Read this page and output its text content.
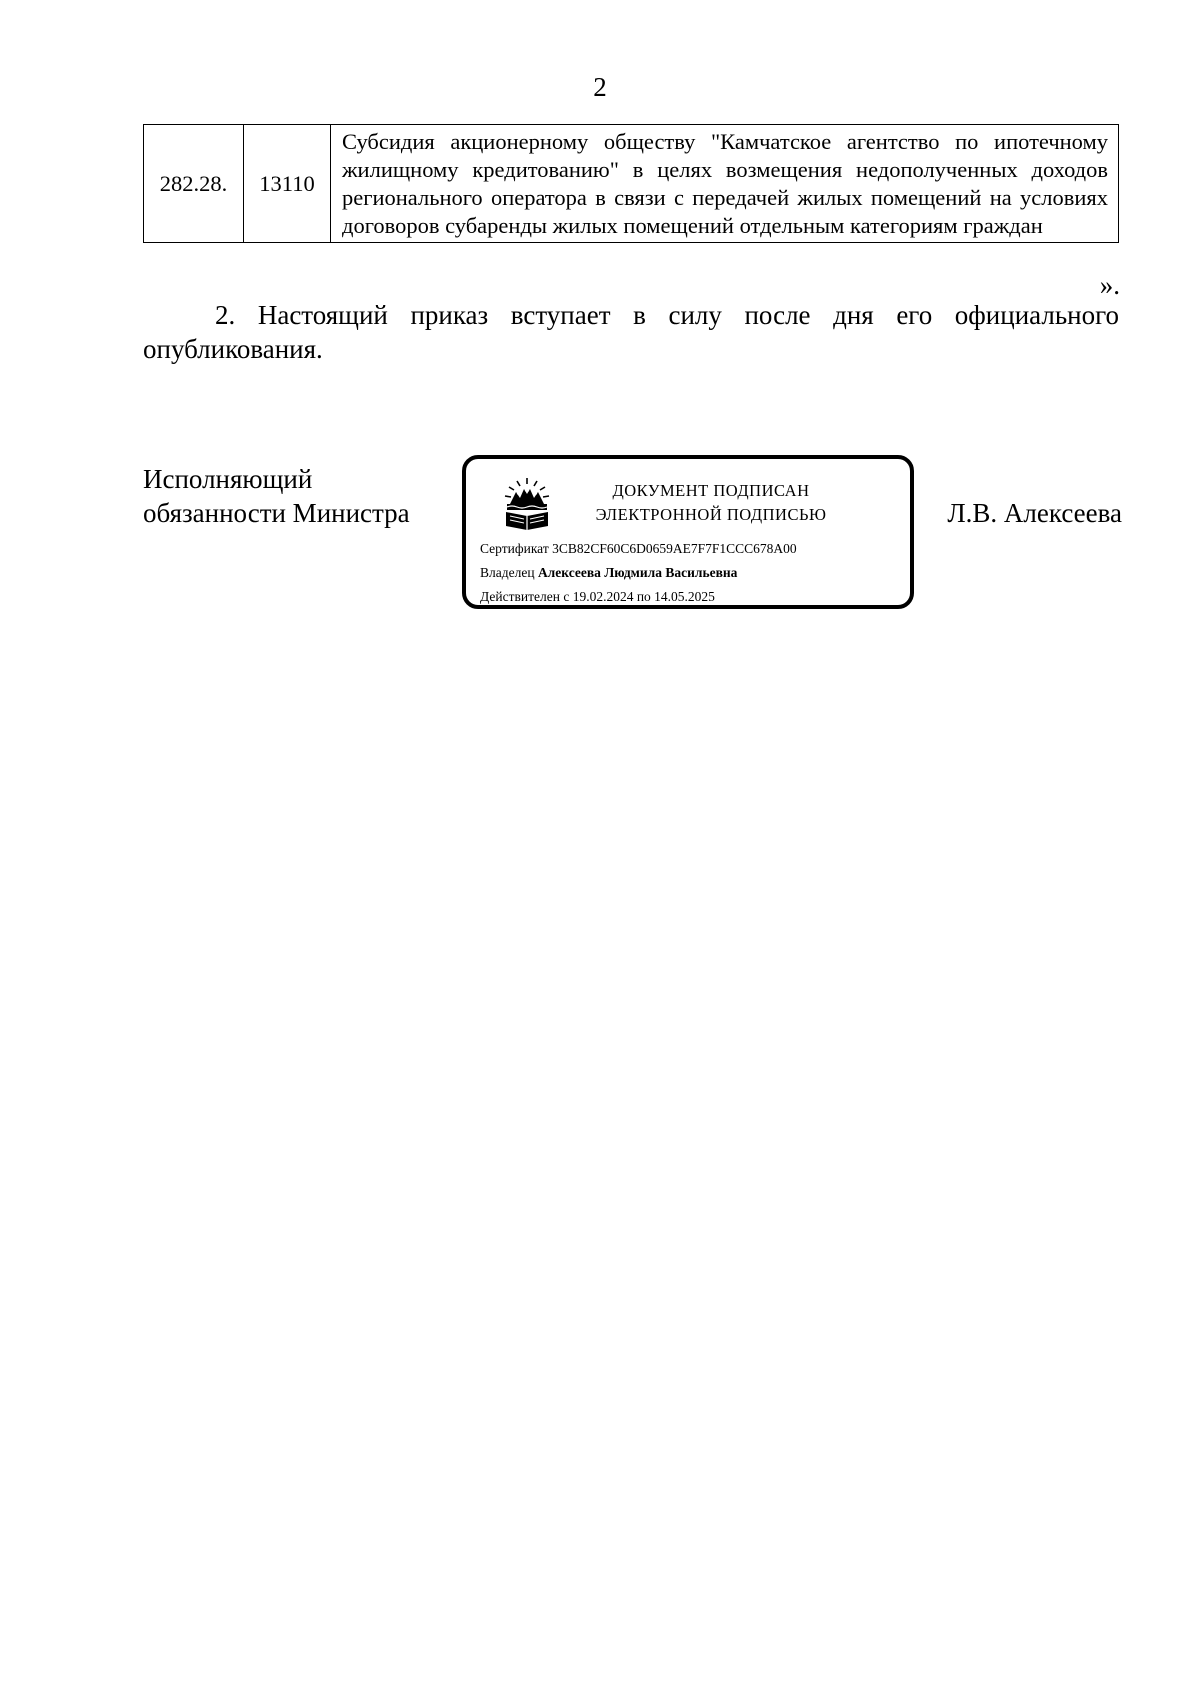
2
282.28.	13110	Субсидия акционерному обществу "Камчатское агентство по ипотечному жилищному кредитованию" в целях возмещения недополученных доходов регионального оператора в связи с передачей жилых помещений на условиях договоров субаренды жилых помещений отдельным категориям граждан
».

2. Настоящий приказ вступает в силу после дня его официального опубликования.

Исполняющий
обязанности Министра	Л.В. Алексеева
ДОКУМЕНТ ПОДПИСАН
ЭЛЕКТРОННОЙ ПОДПИСЬЮ
Сертификат 3CB82CF60C6D0659AE7F7F1CCC678A00
Владелец Алексеева Людмила Васильевна
Действителен с 19.02.2024 по 14.05.2025
